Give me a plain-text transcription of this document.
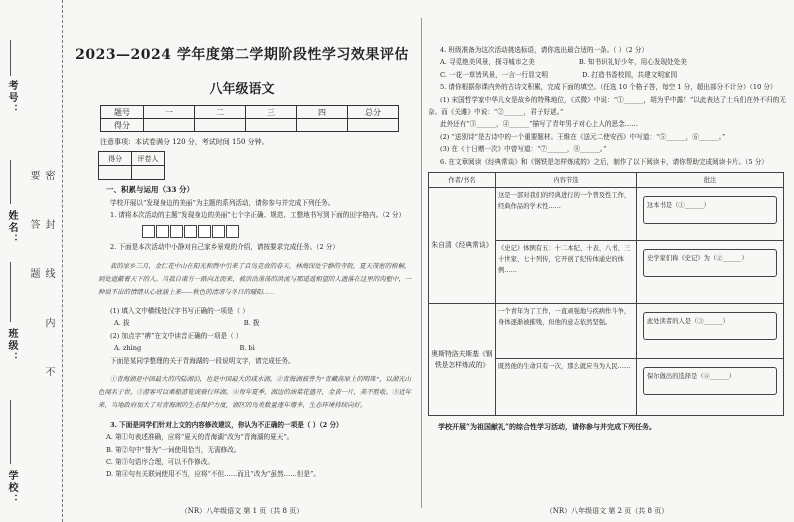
考号：
姓名：
班级：
学校：
密 封 线 内 不 要 答 题
2023—2024 学年度第二学期阶段性学习效果评估
八年级语文
题号	一	二	三	四	总分
得分					
注意事项：本试卷满分 120 分，考试时间 150 分钟。
得分	评卷人

一、积累与运用（33 分）

学校开展以“发现身边的美丽”为主题的系列活动，请你参与并完成下列任务。

1. 请将本次活动的主题“发现身边的美丽”七个字正确、规范、工整地书写到下面的田字格内。（2 分）

2. 下面是本次活动中小静对自己家乡景观的介绍，请按要求完成任务。（2 分）

我的家乡三月，金仁花中山在阳光和煦中引来了百鸟竞放的春天，林海深处宁静的寺院，夏天茂密的梧桐，到处遮蔽着天下的人。当我自南方一路向北而来，被浩浩荡荡的洪流与那遥遥相望的人遗落在这里的沟壑中，一种说不出的情绪从心底涌上来——秋色的清凉与冬日的暖阳……

(1) 填入文中横线处汉字书写正确的一项是（ ）

A. 拔	B. 拨

(2) 加点字“痹”在文中读音正确的一项是（ ）

A. zhìng	B. bì

下面是某同学整理的关于青海湖的一段说明文字，请完成任务。

①青海湖是中国最大的内陆湖泊，也是中国最大的咸水湖。②青海湖被誉为“青藏高原上的明珠”，以湖光山色闻名于世。③游客可以乘船游览或骑行环湖。④每年夏季，湖边的油菜花盛开，金黄一片，美不胜收。⑤近年来，当地政府加大了对青海湖的生态保护力度，湖区的鸟类数量逐年增多，生态环境持续向好。

3. 下面是同学们针对上文的内容修改建议，你认为不正确的一项是（ ）（2 分）

A. 第①句表述准确，应将“夏天的青海湖”改为“青海湖的夏天”。

B. 第②句中“誉为”一词使用恰当，无需修改。

C. 第③句语序合理，可以不作修改。

D. 第④句有关联词使用不当，应将“不但……而且”改为“虽然……但是”。

（NR）八年级语文 第 1 页（共 8 页）

4. 班级准备为这次活动挑选标语，请你选出最合适的一条。（ ）（2 分）

A. 寻觅绝美风景，探寻城市之美	B. 知书识礼好少年，用心发现处处美

C. 一花一草皆风景，一言一行显文明	D. 打造书香校园，共建文明家园

5. 请你根据你课内外的古诗文积累，完成下面的填空。（任选 10 个格子答，每空 1 分，超出部分不计分）（10 分）

(1) 宋国哲学家中华儿女是故乡的特殊地位，《式微》中说：“①______，胡为乎中露！”以此表达了士兵们在外不归的无奈。而《关雎》中说：“②______，君子好逑。”

此外还有“③______，④______”描写了青年男子对心上人的思念……

(2) “送别诗”是古诗中的一个重要题材。王维在《送元二使安西》中写道：“⑤______，⑥______。”

(3) 在《十日赠一次》中曾写道：“⑦______，⑧______。”

6. 在文章阅读《经典常谈》和《钢铁是怎样炼成的》之后，制作了以下阅读卡，请你帮助完成阅读卡片。（5 分）

作者/书名	内容节选	批注
朱自清《经典常谈》	这是一部对我们的经典进行的一个普及性工作，经典作品的学术性……	这本书是（①______）

	《史记》体例有五：十二本纪、十表、八书、三十世家、七十列传，它开创了纪传体通史的体例……	史学家们称《史记》为（②______）

奥斯特洛夫斯基《钢铁是怎样炼成的》	一个青年为了工作，一直顽强地与疾病作斗争，身体逐渐被摧残，但他的意志依然坚强。	此处读者的人是（③______）

	既然他的生命只有一次，那么就应当为人民……	保尔做出的选择是（④______）
学校开展“为祖国献礼”的综合性学习活动，请你参与并完成下列任务。
（NR）八年级语文 第 2 页（共 8 页）
